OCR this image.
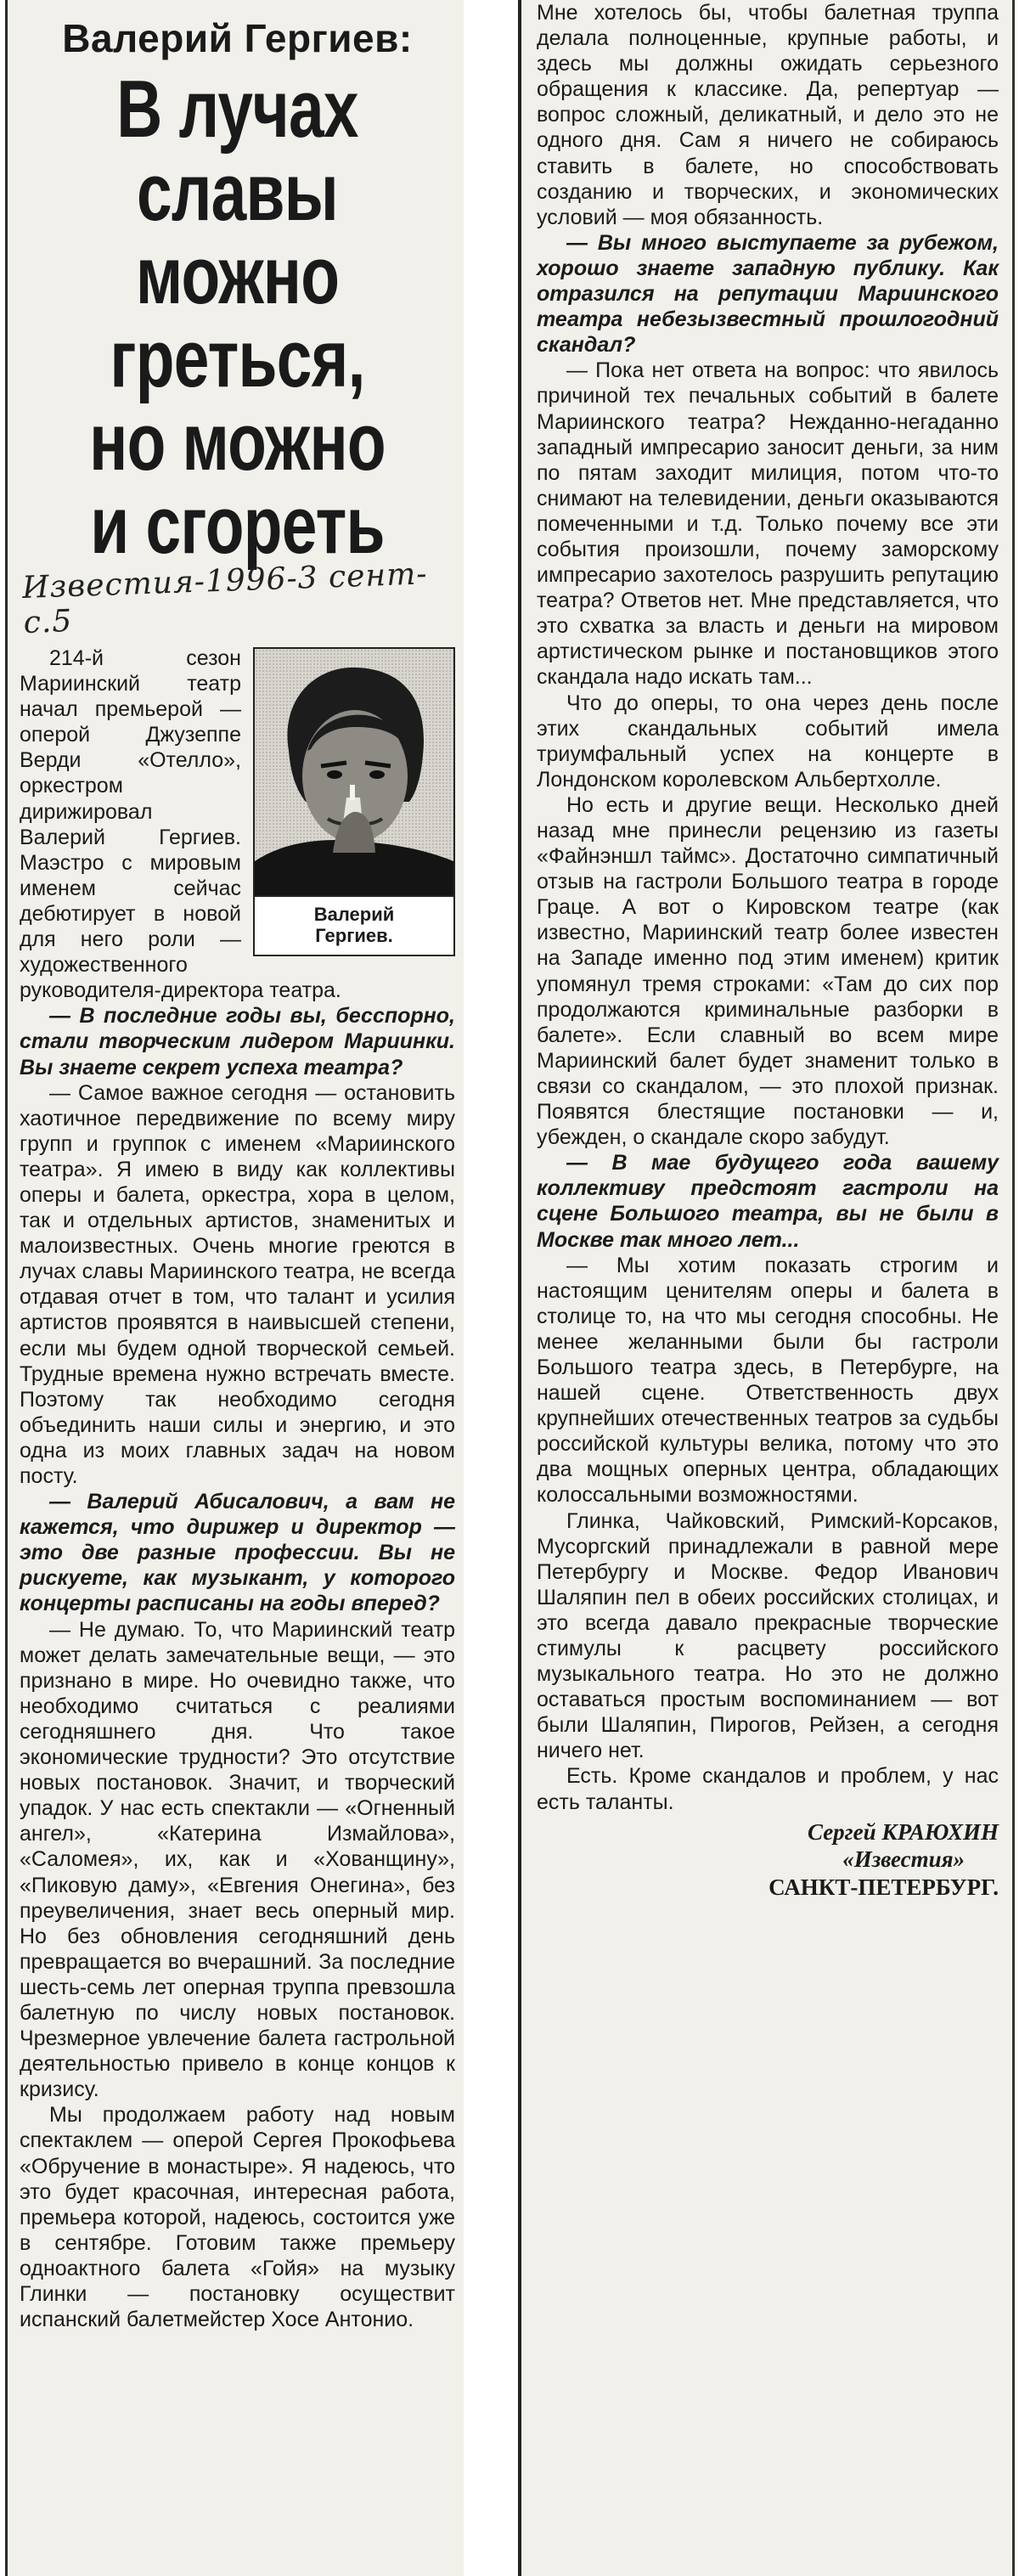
Валерий Гергиев:
В лучах славы
можно греться,
но можно
и сгореть
Известия-1996-3 сент-с.5
Валерий
Гергиев.

214-й сезон Мариинский театр начал премьерой — оперой Джузеппе Верди «Отелло», оркестром дирижировал Валерий Гергиев. Маэстро с мировым именем сейчас дебютирует в новой для него роли — художественного руководителя-директора театра.

— В последние годы вы, бесспорно, стали творческим лидером Мариинки. Вы знаете секрет успеха театра?

— Самое важное сегодня — остановить хаотичное передвижение по всему миру групп и группок с именем «Мариинского театра». Я имею в виду как коллективы оперы и балета, оркестра, хора в целом, так и отдельных артистов, знаменитых и малоизвестных. Очень многие греются в лучах славы Мариинского театра, не всегда отдавая отчет в том, что талант и усилия артистов проявятся в наивысшей степени, если мы будем одной творческой семьей. Трудные времена нужно встречать вместе. Поэтому так необходимо сегодня объединить наши силы и энергию, и это одна из моих главных задач на новом посту.

— Валерий Абисалович, а вам не кажется, что дирижер и директор — это две разные профессии. Вы не рискуете, как музыкант, у которого концерты расписаны на годы вперед?

— Не думаю. То, что Мариинский театр может делать замечательные вещи, — это признано в мире. Но очевидно также, что необходимо считаться с реалиями сегодняшнего дня. Что такое экономические трудности? Это отсутствие новых постановок. Значит, и творческий упадок. У нас есть спектакли — «Огненный ангел», «Катерина Измайлова», «Саломея», их, как и «Хованщину», «Пиковую даму», «Евгения Онегина», без преувеличения, знает весь оперный мир. Но без обновления сегодняшний день превращается во вчерашний. За последние шесть-семь лет оперная труппа превзошла балетную по числу новых постановок. Чрезмерное увлечение балета гастрольной деятельностью привело в конце концов к кризису.

Мы продолжаем работу над новым спектаклем — оперой Сергея Прокофьева «Обручение в монастыре». Я надеюсь, что это будет красочная, интересная работа, премьера которой, надеюсь, состоится уже в сентябре. Готовим также премьеру одноактного балета «Гойя» на музыку Глинки — постановку осуществит испанский балетмейстер Хосе Антонио.

Мне хотелось бы, чтобы балетная труппа делала полноценные, крупные работы, и здесь мы должны ожидать серьезного обращения к классике. Да, репертуар — вопрос сложный, деликатный, и дело это не одного дня. Сам я ничего не собираюсь ставить в балете, но способствовать созданию и творческих, и экономических условий — моя обязанность.

— Вы много выступаете за рубежом, хорошо знаете западную публику. Как отразился на репутации Мариинского театра небезызвестный прошлогодний скандал?

— Пока нет ответа на вопрос: что явилось причиной тех печальных событий в балете Мариинского театра? Нежданно-негаданно западный импресарио заносит деньги, за ним по пятам заходит милиция, потом что-то снимают на телевидении, деньги оказываются помеченными и т.д. Только почему все эти события произошли, почему заморскому импресарио захотелось разрушить репутацию театра? Ответов нет. Мне представляется, что это схватка за власть и деньги на мировом артистическом рынке и постановщиков этого скандала надо искать там...

Что до оперы, то она через день после этих скандальных событий имела триумфальный успех на концерте в Лондонском королевском Альбертхолле.

Но есть и другие вещи. Несколько дней назад мне принесли рецензию из газеты «Файнэншл таймс». Достаточно симпатичный отзыв на гастроли Большого театра в городе Граце. А вот о Кировском театре (как известно, Мариинский театр более известен на Западе именно под этим именем) критик упомянул тремя строками: «Там до сих пор продолжаются криминальные разборки в балете». Если славный во всем мире Мариинский балет будет знаменит только в связи со скандалом, — это плохой признак. Появятся блестящие постановки — и, убежден, о скандале скоро забудут.

— В мае будущего года вашему коллективу предстоят гастроли на сцене Большого театра, вы не были в Москве так много лет...

— Мы хотим показать строгим и настоящим ценителям оперы и балета в столице то, на что мы сегодня способны. Не менее желанными были бы гастроли Большого театра здесь, в Петербурге, на нашей сцене. Ответственность двух крупнейших отечественных театров за судьбы российской культуры велика, потому что это два мощных оперных центра, обладающих колоссальными возможностями.

Глинка, Чайковский, Римский-Корсаков, Мусоргский принадлежали в равной мере Петербургу и Москве. Федор Иванович Шаляпин пел в обеих российских столицах, и это всегда давало прекрасные творческие стимулы к расцвету российского музыкального театра. Но это не должно оставаться простым воспоминанием — вот были Шаляпин, Пирогов, Рейзен, а сегодня ничего нет.

Есть. Кроме скандалов и проблем, у нас есть таланты.

Сергей КРАЮХИН
«Известия»
САНКТ-ПЕТЕРБУРГ.
